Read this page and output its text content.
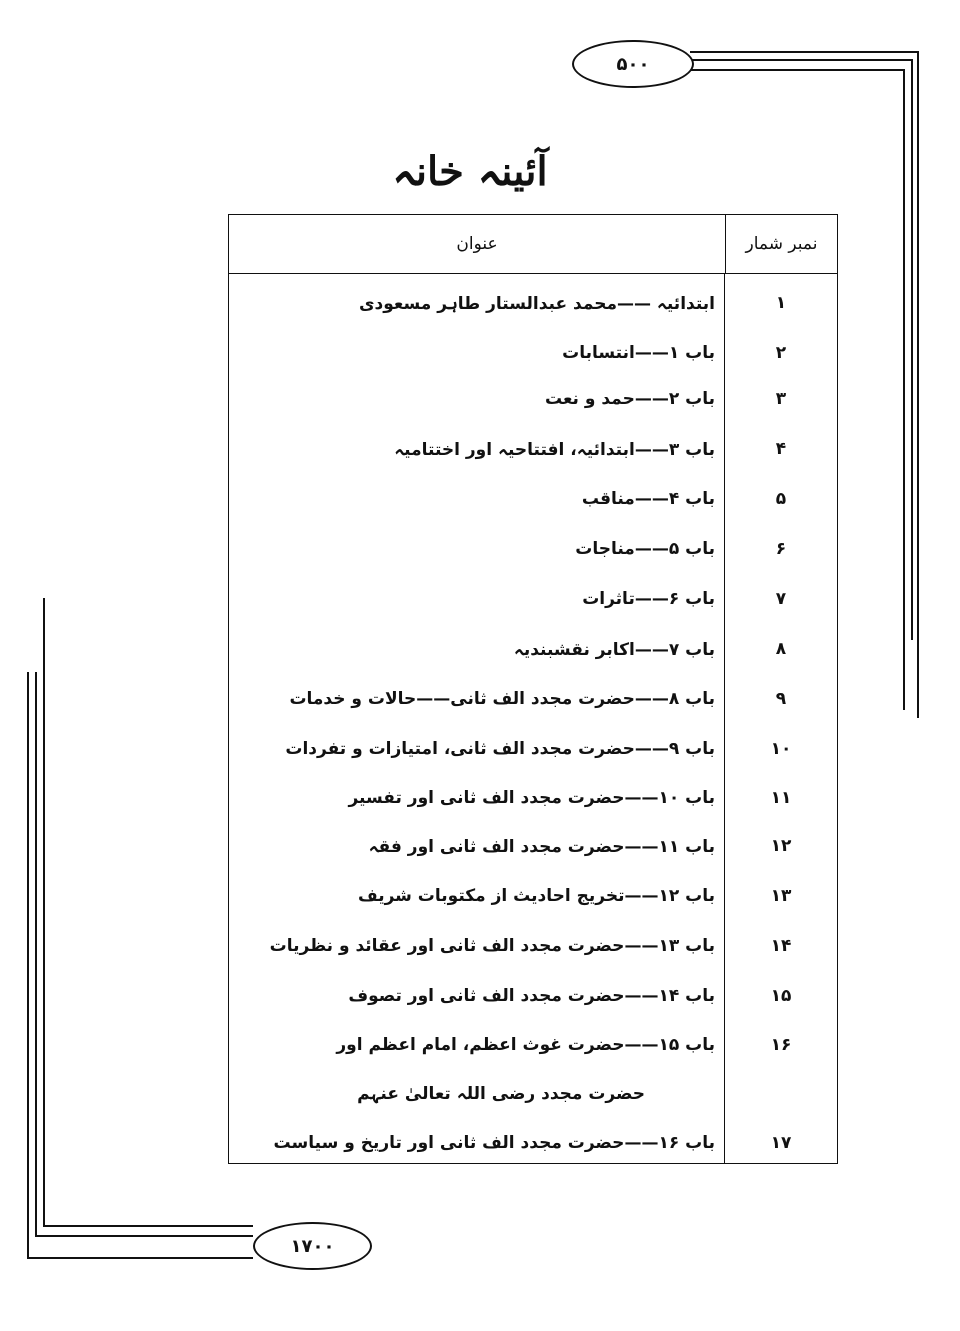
۵۰۰
آئینہ خانہ
نمبر شمار
عنوان
۱
ابتدائیہ ——محمد عبدالستار طاہر مسعودی
۲
باب ۱——انتسابات
۳
باب ۲——حمد و نعت
۴
باب ۳——ابتدائیہ، افتتاحیہ اور اختتامیہ
۵
باب ۴——مناقب
۶
باب ۵——مناجات
۷
باب ۶——تاثرات
۸
باب ۷——اکابر نقشبندیہ
۹
باب ۸——حضرت مجدد الف ثانی——حالات و خدمات
۱۰
باب ۹——حضرت مجدد الف ثانی، امتیازات و تفردات
۱۱
باب ۱۰——حضرت مجدد الف ثانی اور تفسیر
۱۲
باب ۱۱——حضرت مجدد الف ثانی اور فقہ
۱۳
باب ۱۲——تخریج احادیث از مکتوبات شریف
۱۴
باب ۱۳——حضرت مجدد الف ثانی اور عقائد و نظریات
۱۵
باب ۱۴——حضرت مجدد الف ثانی اور تصوف
۱۶
باب ۱۵——حضرت غوث اعظم، امام اعظم اور
حضرت مجدد رضی اللہ تعالیٰ عنہم
۱۷
باب ۱۶——حضرت مجدد الف ثانی اور تاریخ و سیاست
۱۷۰۰
